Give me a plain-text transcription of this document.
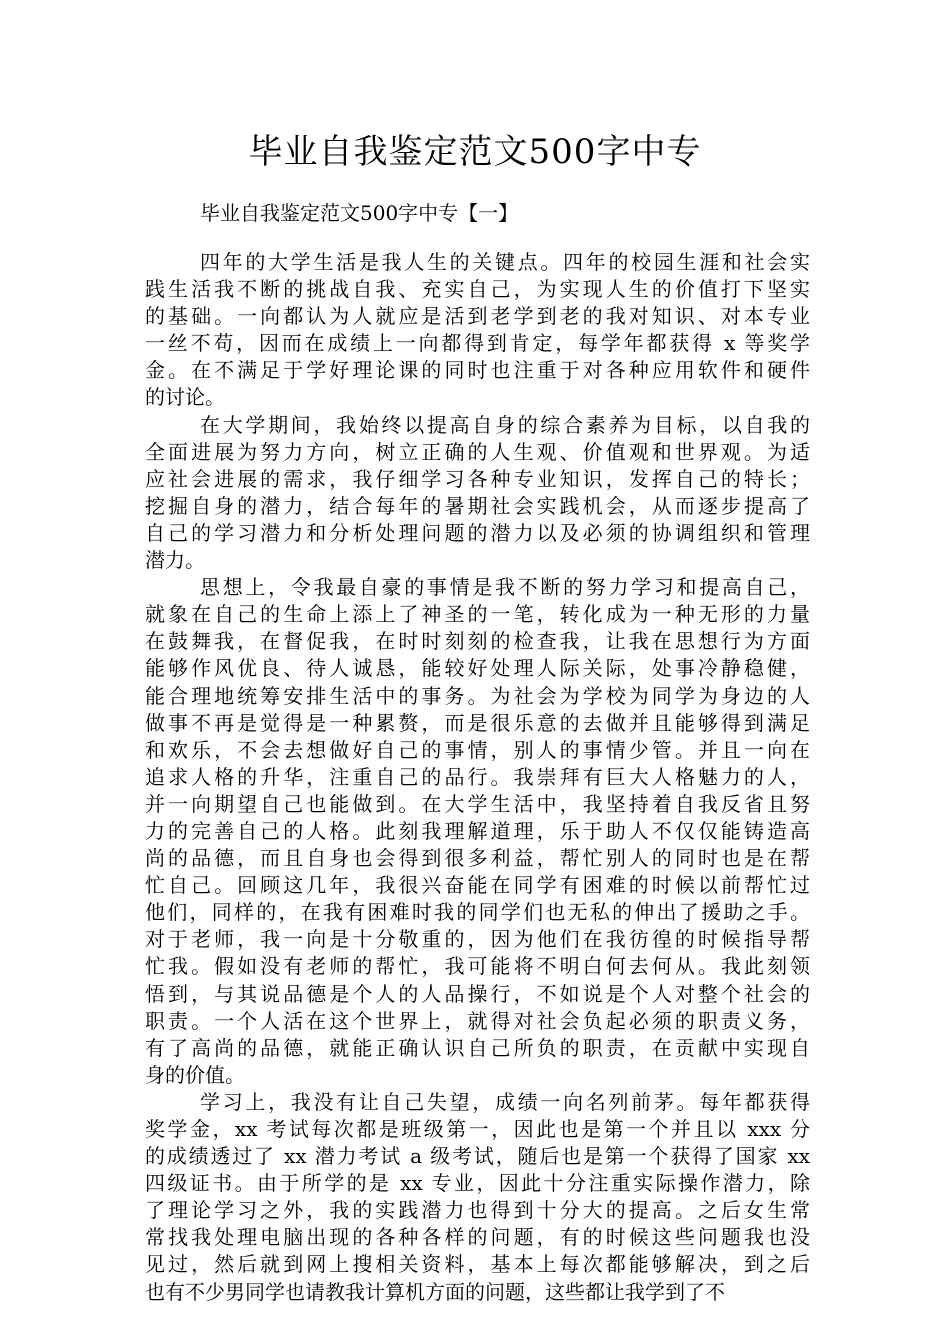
毕业自我鉴定范文500字中专
毕业自我鉴定范文500字中专【一】
四年的大学生活是我人生的关键点。四年的校园生涯和社会实
践生活我不断的挑战自我、充实自己，为实现人生的价值打下坚实
的基础。一向都认为人就应是活到老学到老的我对知识、对本专业
一丝不苟，因而在成绩上一向都得到肯定，每学年都获得 x 等奖学
金。在不满足于学好理论课的同时也注重于对各种应用软件和硬件
的讨论。
在大学期间，我始终以提高自身的综合素养为目标，以自我的
全面进展为努力方向，树立正确的人生观、价值观和世界观。为适
应社会进展的需求，我仔细学习各种专业知识，发挥自己的特长；
挖掘自身的潜力，结合每年的暑期社会实践机会，从而逐步提高了
自己的学习潜力和分析处理问题的潜力以及必须的协调组织和管理
潜力。
思想上，令我最自豪的事情是我不断的努力学习和提高自己，
就象在自己的生命上添上了神圣的一笔，转化成为一种无形的力量
在鼓舞我，在督促我，在时时刻刻的检查我，让我在思想行为方面
能够作风优良、待人诚恳，能较好处理人际关际，处事冷静稳健，
能合理地统筹安排生活中的事务。为社会为学校为同学为身边的人
做事不再是觉得是一种累赘，而是很乐意的去做并且能够得到满足
和欢乐，不会去想做好自己的事情，别人的事情少管。并且一向在
追求人格的升华，注重自己的品行。我崇拜有巨大人格魅力的人，
并一向期望自己也能做到。在大学生活中，我坚持着自我反省且努
力的完善自己的人格。此刻我理解道理，乐于助人不仅仅能铸造高
尚的品德，而且自身也会得到很多利益，帮忙别人的同时也是在帮
忙自己。回顾这几年，我很兴奋能在同学有困难的时候以前帮忙过
他们，同样的，在我有困难时我的同学们也无私的伸出了援助之手。
对于老师，我一向是十分敬重的，因为他们在我彷徨的时候指导帮
忙我。假如没有老师的帮忙，我可能将不明白何去何从。我此刻领
悟到，与其说品德是个人的人品操行，不如说是个人对整个社会的
职责。一个人活在这个世界上，就得对社会负起必须的职责义务，
有了高尚的品德，就能正确认识自己所负的职责，在贡献中实现自
身的价值。
学习上，我没有让自己失望，成绩一向名列前茅。每年都获得
奖学金，xx 考试每次都是班级第一，因此也是第一个并且以 xxx 分
的成绩透过了 xx 潜力考试 a 级考试，随后也是第一个获得了国家 xx
四级证书。由于所学的是 xx 专业，因此十分注重实际操作潜力，除
了理论学习之外，我的实践潜力也得到十分大的提高。之后女生常
常找我处理电脑出现的各种各样的问题，有的时候这些问题我也没
见过，然后就到网上搜相关资料，基本上每次都能够解决，到之后
也有不少男同学也请教我计算机方面的问题，这些都让我学到了不
